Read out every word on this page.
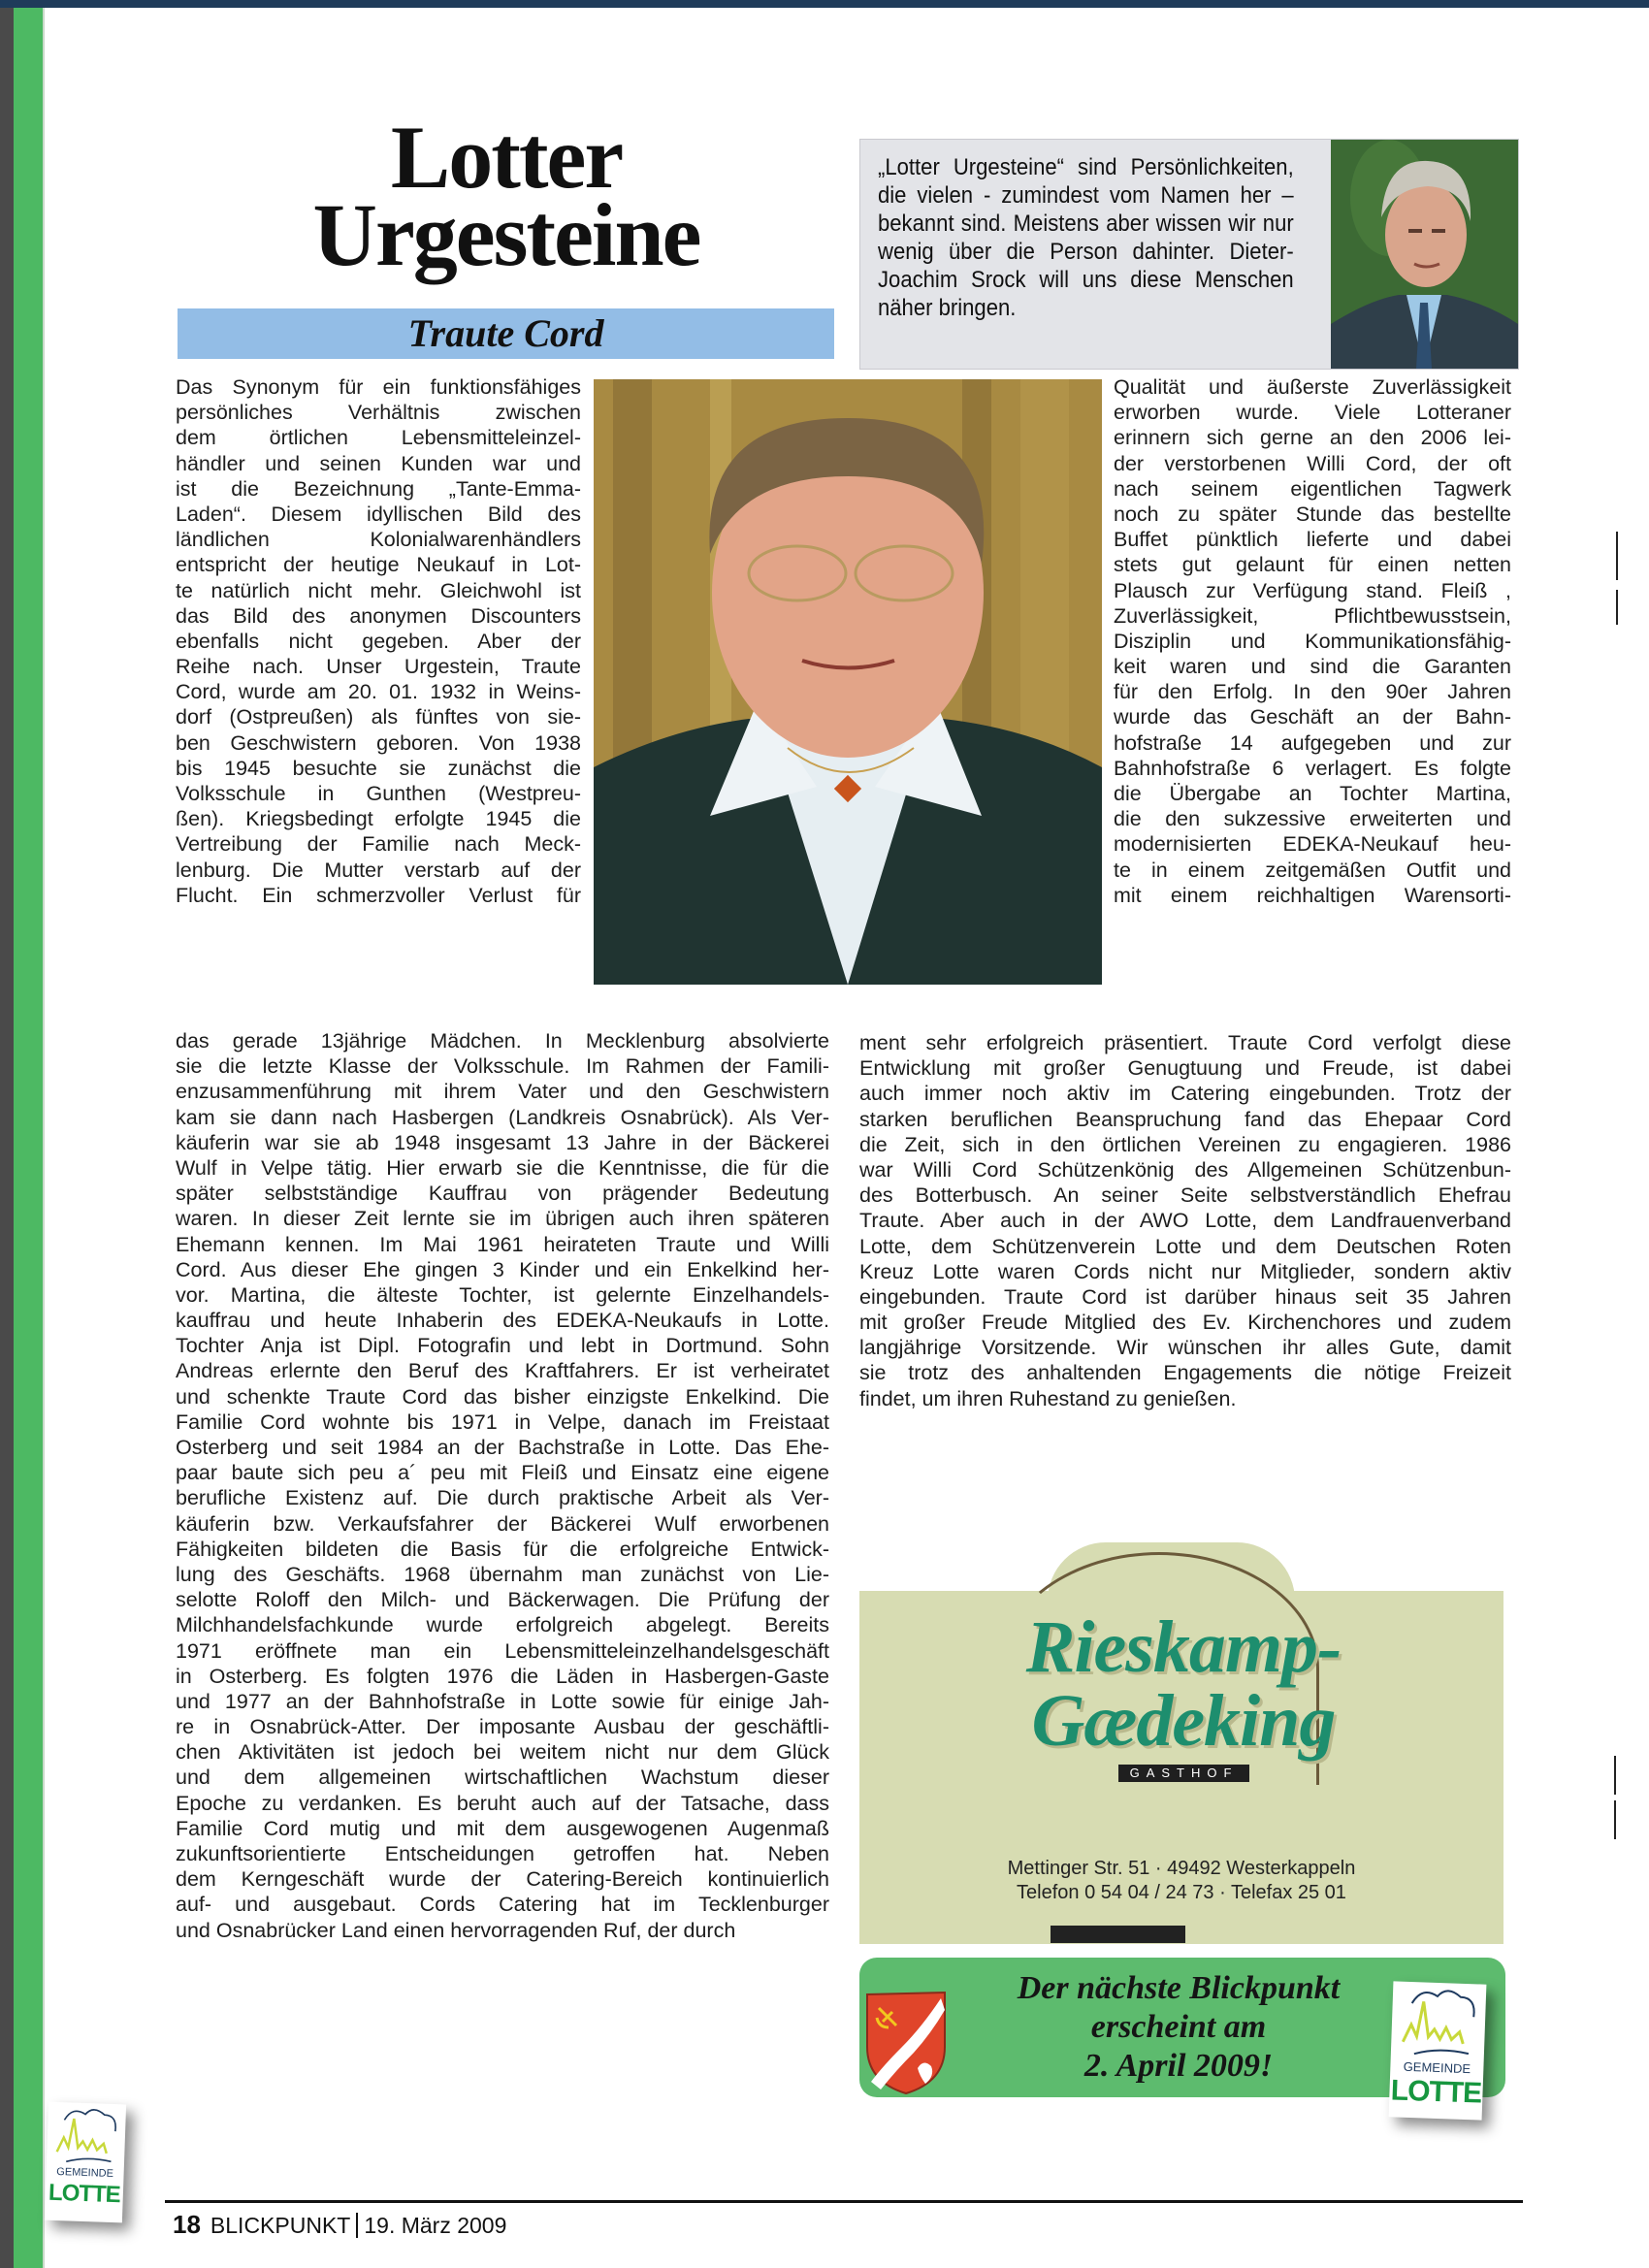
Lotter

Urgesteine

Traute Cord
„Lotter Urgesteine“ sind Persönlichkeiten, die vielen - zumindest vom Namen her – bekannt sind. Meistens aber wissen wir nur wenig über die Person dahinter. Dieter-Joachim Srock will uns diese Menschen näher bringen.
Das Synonym für ein funktionsfähiges
persönliches Verhältnis zwischen
dem örtlichen Lebensmitteleinzel-
händler und seinen Kunden war und
ist die Bezeichnung „Tante-Emma-
Laden“. Diesem idyllischen Bild des
ländlichen Kolonialwarenhändlers
entspricht der heutige Neukauf in Lot-
te natürlich nicht mehr. Gleichwohl ist
das Bild des anonymen Discounters
ebenfalls nicht gegeben. Aber der
Reihe nach. Unser Urgestein, Traute
Cord, wurde am 20. 01. 1932 in Weins-
dorf (Ostpreußen) als fünftes von sie-
ben Geschwistern geboren. Von 1938
bis 1945 besuchte sie zunächst die
Volksschule in Gunthen (Westpreu-
ßen). Kriegsbedingt erfolgte 1945 die
Vertreibung der Familie nach Meck-
lenburg. Die Mutter verstarb auf der
Flucht. Ein schmerzvoller Verlust für
das gerade 13jährige Mädchen. In Mecklenburg absolvierte
sie die letzte Klasse der Volksschule. Im Rahmen der Famili-
enzusammenführung mit ihrem Vater und den Geschwistern
kam sie dann nach Hasbergen (Landkreis Osnabrück). Als Ver-
käuferin war sie ab 1948 insgesamt 13 Jahre in der Bäckerei
Wulf in Velpe tätig. Hier erwarb sie die Kenntnisse, die für die
später selbstständige Kauffrau von prägender Bedeutung
waren. In dieser Zeit lernte sie im übrigen auch ihren späteren
Ehemann kennen. Im Mai 1961 heirateten Traute und Willi
Cord. Aus dieser Ehe gingen 3 Kinder und ein Enkelkind her-
vor. Martina, die älteste Tochter, ist gelernte Einzelhandels-
kauffrau und heute Inhaberin des EDEKA-Neukaufs in Lotte.
Tochter Anja ist Dipl. Fotografin und lebt in Dortmund. Sohn
Andreas erlernte den Beruf des Kraftfahrers. Er ist verheiratet
und schenkte Traute Cord das bisher einzigste Enkelkind. Die
Familie Cord wohnte bis 1971 in Velpe, danach im Freistaat
Osterberg und seit 1984 an der Bachstraße in Lotte. Das Ehe-
paar baute sich peu a´ peu mit Fleiß und Einsatz eine eigene
berufliche Existenz auf. Die durch praktische Arbeit als Ver-
käuferin bzw. Verkaufsfahrer der Bäckerei Wulf erworbenen
Fähigkeiten bildeten die Basis für die erfolgreiche Entwick-
lung des Geschäfts. 1968 übernahm man zunächst von Lie-
selotte Roloff den Milch- und Bäckerwagen. Die Prüfung der
Milchhandelsfachkunde wurde erfolgreich abgelegt. Bereits
1971 eröffnete man ein Lebensmitteleinzelhandelsgeschäft
in Osterberg. Es folgten 1976 die Läden in Hasbergen-Gaste
und 1977 an der Bahnhofstraße in Lotte sowie für einige Jah-
re in Osnabrück-Atter. Der imposante Ausbau der geschäftli-
chen Aktivitäten ist jedoch bei weitem nicht nur dem Glück
und dem allgemeinen wirtschaftlichen Wachstum dieser
Epoche zu verdanken. Es beruht auch auf der Tatsache, dass
Familie Cord mutig und mit dem ausgewogenen Augenmaß
zukunftsorientierte Entscheidungen getroffen hat. Neben
dem Kerngeschäft wurde der Catering-Bereich kontinuierlich
auf- und ausgebaut. Cords Catering hat im Tecklenburger
und Osnabrücker Land einen hervorragenden Ruf, der durch
Qualität und äußerste Zuverlässigkeit
erworben wurde. Viele Lotteraner
erinnern sich gerne an den 2006 lei-
der verstorbenen Willi Cord, der oft
nach seinem eigentlichen Tagwerk
noch zu später Stunde das bestellte
Buffet pünktlich lieferte und dabei
stets gut gelaunt für einen netten
Plausch zur Verfügung stand. Fleiß ,
Zuverlässigkeit, Pflichtbewusstsein,
Disziplin und Kommunikationsfähig-
keit waren und sind die Garanten
für den Erfolg. In den 90er Jahren
wurde das Geschäft an der Bahn-
hofstraße 14 aufgegeben und zur
Bahnhofstraße 6 verlagert. Es folgte
die Übergabe an Tochter Martina,
die den sukzessive erweiterten und
modernisierten EDEKA-Neukauf heu-
te in einem zeitgemäßen Outfit und
mit einem reichhaltigen Warensorti-
ment sehr erfolgreich präsentiert. Traute Cord verfolgt diese
Entwicklung mit großer Genugtuung und Freude, ist dabei
auch immer noch aktiv im Catering eingebunden. Trotz der
starken beruflichen Beanspruchung fand das Ehepaar Cord
die Zeit, sich in den örtlichen Vereinen zu engagieren. 1986
war Willi Cord Schützenkönig des Allgemeinen Schützenbun-
des Botterbusch. An seiner Seite selbstverständlich Ehefrau
Traute. Aber auch in der AWO Lotte, dem Landfrauenverband
Lotte, dem Schützenverein Lotte und dem Deutschen Roten
Kreuz Lotte waren Cords nicht nur Mitglieder, sondern aktiv
eingebunden. Traute Cord ist darüber hinaus seit 35 Jahren
mit großer Freude Mitglied des Ev. Kirchenchores und zudem
langjährige Vorsitzende. Wir wünschen ihr alles Gute, damit
sie trotz des anhaltenden Engagements die nötige Freizeit
findet, um ihren Ruhestand zu genießen.
Rieskamp-
Gædeking
GASTHOF
Mettinger Str. 51 · 49492 Westerkappeln
Telefon 0 54 04 / 24 73 · Telefax 25 01
Der nächste Blickpunkt
erscheint am
2. April 2009!	GEMEINDE
LOTTE
GEMEINDE
LOTTE
18 BLICKPUNKT 19. März 2009
